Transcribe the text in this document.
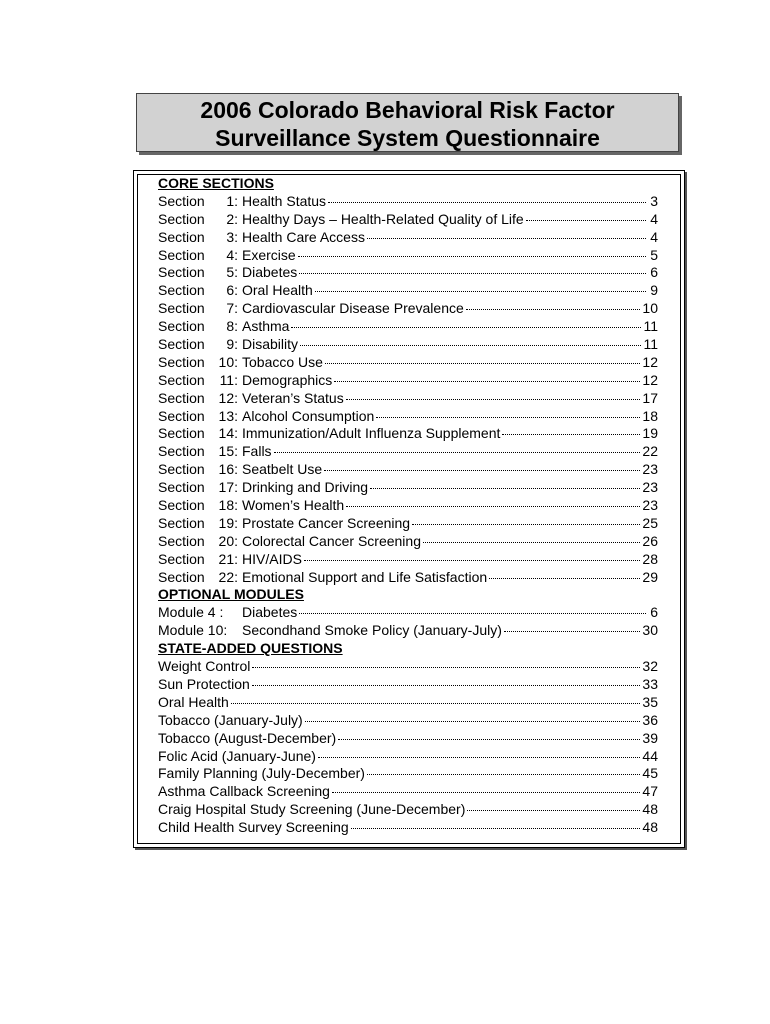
2006 Colorado Behavioral Risk Factor
Surveillance System Questionnaire
CORE SECTIONS
Section	1 : Health Status	3
Section	2 : Healthy Days – Health-Related Quality of Life	4
Section	3 : Health Care Access	4
Section	4 : Exercise	5
Section	5 : Diabetes	6
Section	6 : Oral Health	9
Section	7 : Cardiovascular Disease Prevalence	10
Section	8 : Asthma	11
Section	9 : Disability	11
Section 10 : Tobacco Use	12
Section	11 : Demographics	12
Section 12 : Veteran’s Status	17
Section 13 : Alcohol Consumption	18
Section 14 : Immunization/Adult Influenza Supplement	19
Section 15 : Falls	22
Section 16 : Seatbelt Use	23
Section 17 : Drinking and Driving	23
Section 18 : Women’s Health	23
Section 19 : Prostate Cancer Screening	25
Section 20 : Colorectal Cancer Screening	26
Section 21 : HIV/AIDS	28
Section 22 : Emotional Support and Life Satisfaction	29
OPTIONAL MODULES
Module 4 :	Diabetes	6
Module 10:	Secondhand Smoke Policy (January-July)	30
STATE-ADDED QUESTIONS
Weight Control	32
Sun Protection	33
Oral Health	35
Tobacco (January-July)	36
Tobacco (August-December)	39
Folic Acid (January-June)	44
Family Planning (July-December)	45
Asthma Callback Screening	47
Craig Hospital Study Screening (June-December)	48
Child Health Survey Screening	48
